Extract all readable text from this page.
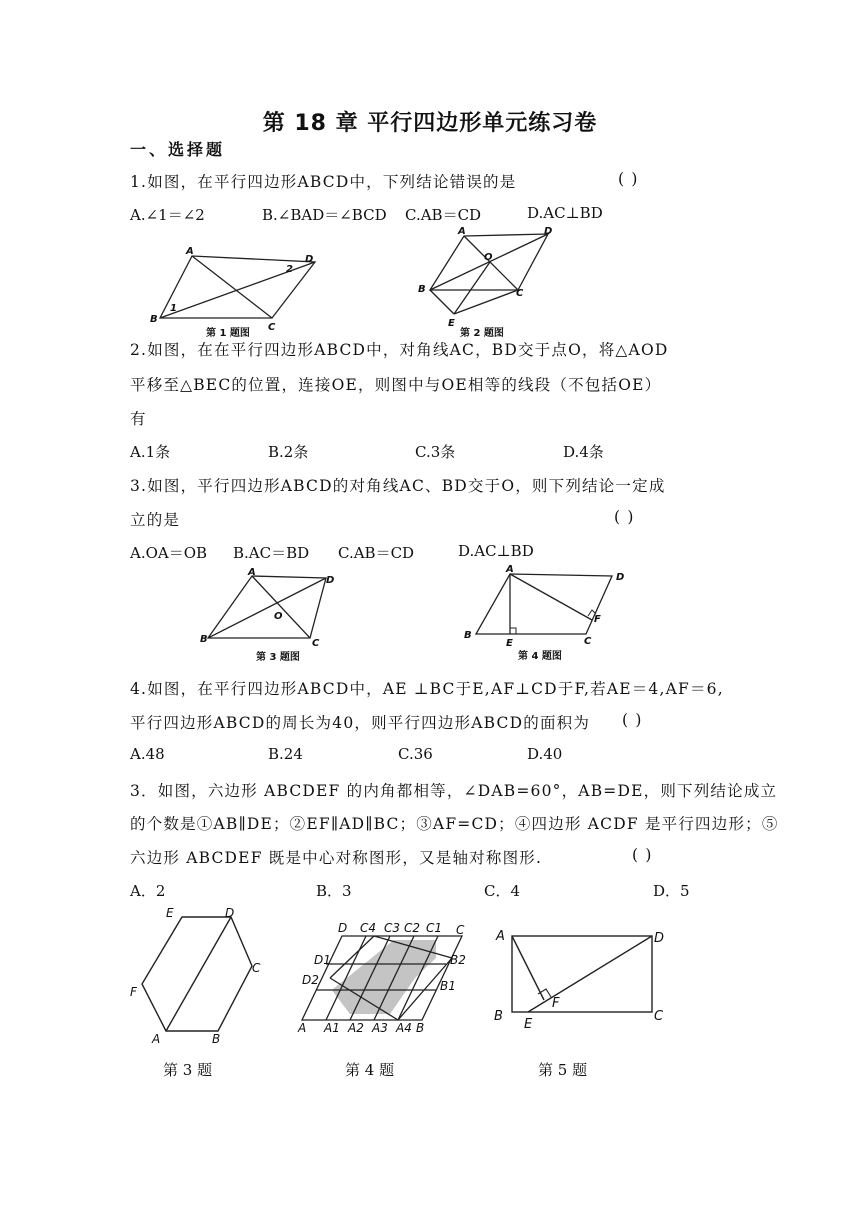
第 18 章 平行四边形单元练习卷
一、选择题
1.如图，在平行四边形ABCD中，下列结论错误的是	( )
A.∠1＝∠2	B.∠BAD＝∠BCD C.AB＝CD	D.AC⊥BD
A
B
C
D
1
2
第 1 题图
A	D
O
B	C
E
第 2 题图
2.如图，在在平行四边形ABCD中，对角线AC，BD交于点O，将△AOD
平移至△BEC的位置，连接OE，则图中与OE相等的线段（不包括OE）
有
A.1条	B.2条	C.3条	D.4条
3.如图，平行四边形ABCD的对角线AC、BD交于O，则下列结论一定成
立的是	( )
A.OA＝OB B.AC＝BD C.AB＝CD	D.AC⊥BD
A
D
O
B	C
第 3 题图
A
D
F
B
E	C
第 4 题图
4.如图，在平行四边形ABCD中，AE ⊥BC于E,AF⊥CD于F,若AE＝4,AF＝6,
平行四边形ABCD的周长为40，则平行四边形ABCD的面积为 ( )
A.48	B.24	C.36	D.40
3．如图，六边形 ABCDEF 的内角都相等，∠DAB=60°，AB=DE，则下列结论成立
的个数是①AB∥DE；②EF∥AD∥BC；③AF=CD；④四边形 ACDF 是平行四边形；⑤
六边形 ABCDEF 既是中心对称图形，又是轴对称图形.	( )
A．2	B．3	C．4	D．5
E	D
C
F
A	B
第 3 题
D C4 C3 C2 C1 C
A A1 A2 A3 A4 B
D1
D2
B2
B1
第 4 题
A	D
B
E
F
C
第 5 题
